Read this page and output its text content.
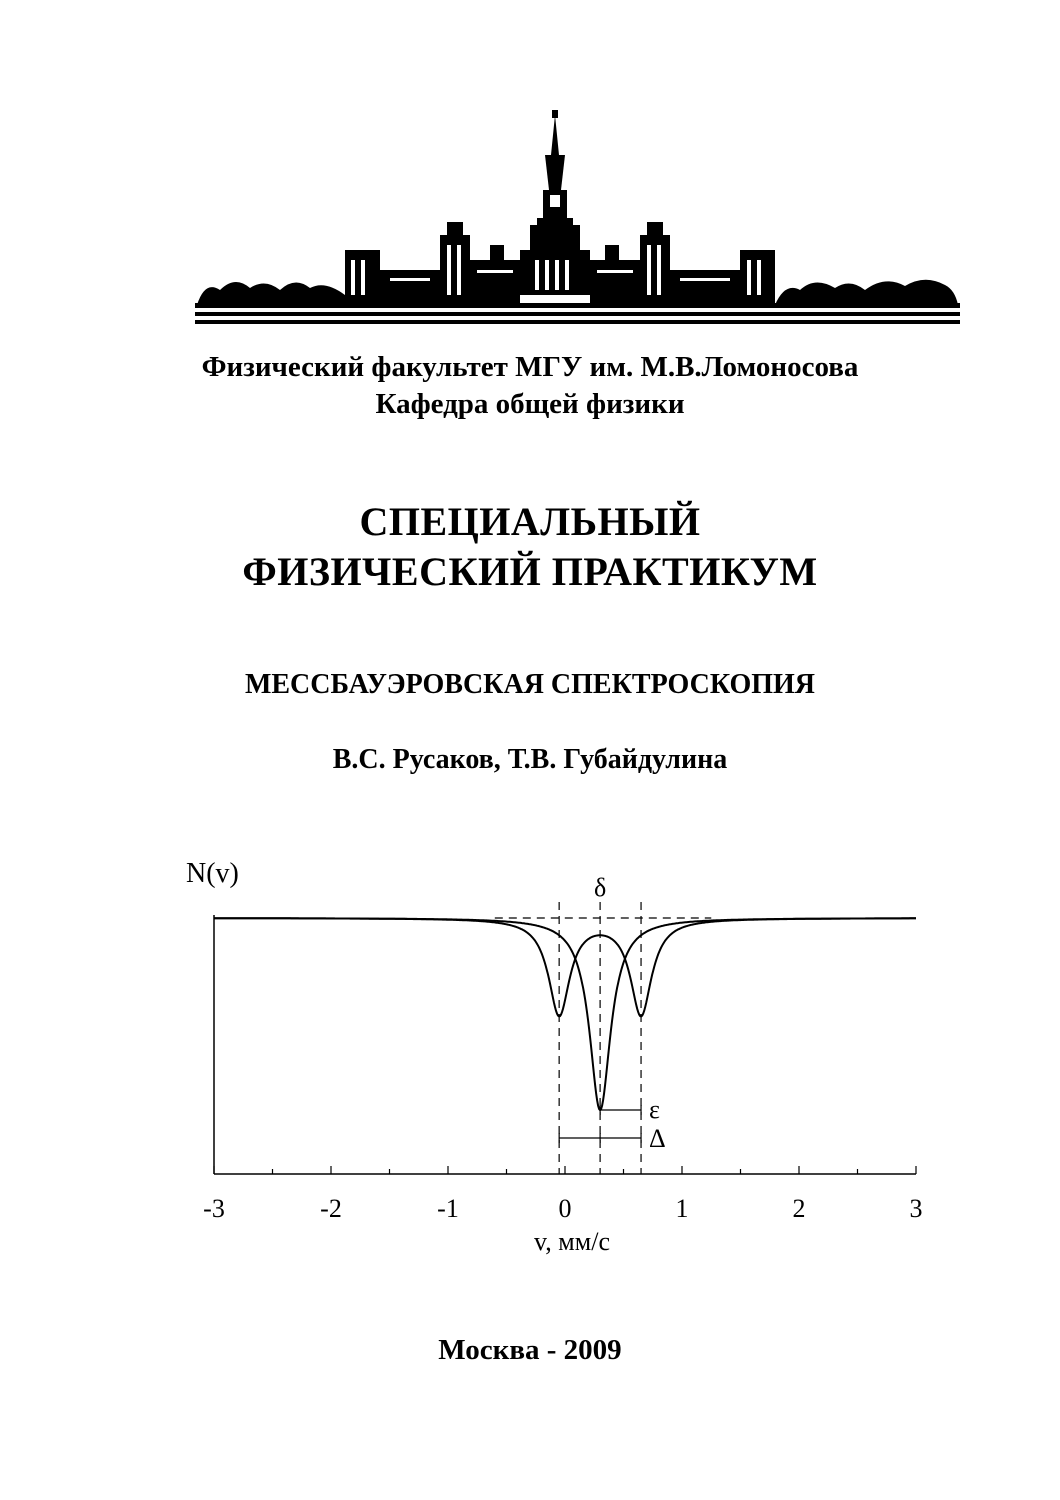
Физический факультет МГУ им. М.В.Ломоносова
Кафедра общей физики
СПЕЦИАЛЬНЫЙ
ФИЗИЧЕСКИЙ ПРАКТИКУМ
МЕССБАУЭРОВСКАЯ СПЕКТРОСКОПИЯ
В.С. Русаков, Т.В. Губайдулина
-3	-2	-1	0	1	2	3
N(v)
v, мм/с
δ
ε
Δ
Москва - 2009
